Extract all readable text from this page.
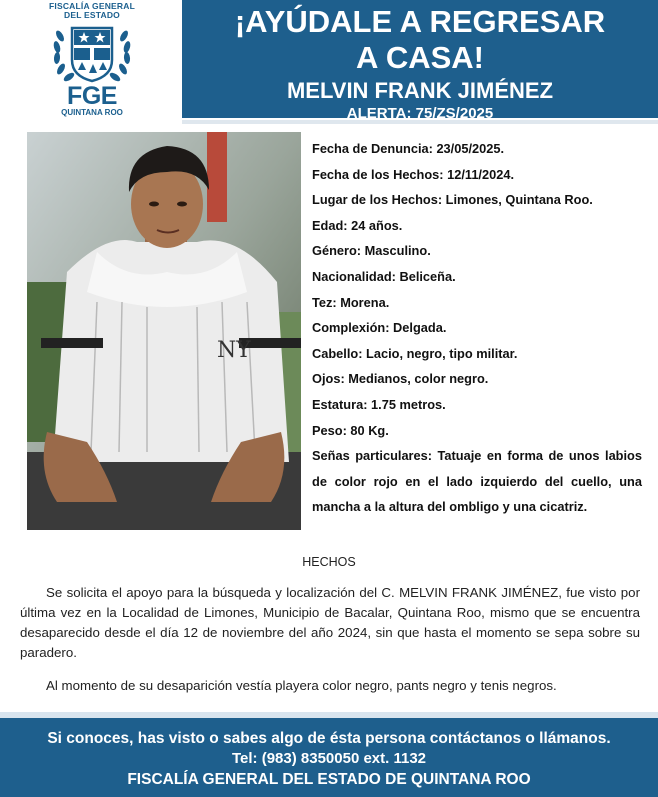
FISCALÍA GENERAL DEL ESTADO
FGE
QUINTANA ROO
¡AYÚDALE A REGRESAR
A CASA!
MELVIN FRANK JIMÉNEZ
ALERTA: 75/ZS/2025
NY
Fecha de Denuncia: 23/05/2025.
Fecha de los Hechos: 12/11/2024.
Lugar de los Hechos: Limones, Quintana Roo.
Edad: 24 años.
Género: Masculino.
Nacionalidad: Beliceña.
Tez: Morena.
Complexión: Delgada.
Cabello: Lacio, negro, tipo militar.
Ojos: Medianos, color negro.
Estatura: 1.75 metros.
Peso: 80 Kg.
Señas particulares: Tatuaje en forma de unos labios de color rojo en el lado izquierdo del cuello, una mancha a la altura del ombligo y una cicatriz.
HECHOS
Se solicita el apoyo para la búsqueda y localización del C. MELVIN FRANK JIMÉNEZ, fue visto por última vez en la Localidad de Limones, Municipio de Bacalar, Quintana Roo, mismo que se encuentra desaparecido desde el día 12 de noviembre del año 2024, sin que hasta el momento se sepa sobre su paradero.
Al momento de su desaparición vestía playera color negro, pants negro y tenis negros.
Si conoces, has visto o sabes algo de ésta persona contáctanos o llámanos.
Tel: (983) 8350050 ext. 1132
FISCALÍA GENERAL DEL ESTADO DE QUINTANA ROO
